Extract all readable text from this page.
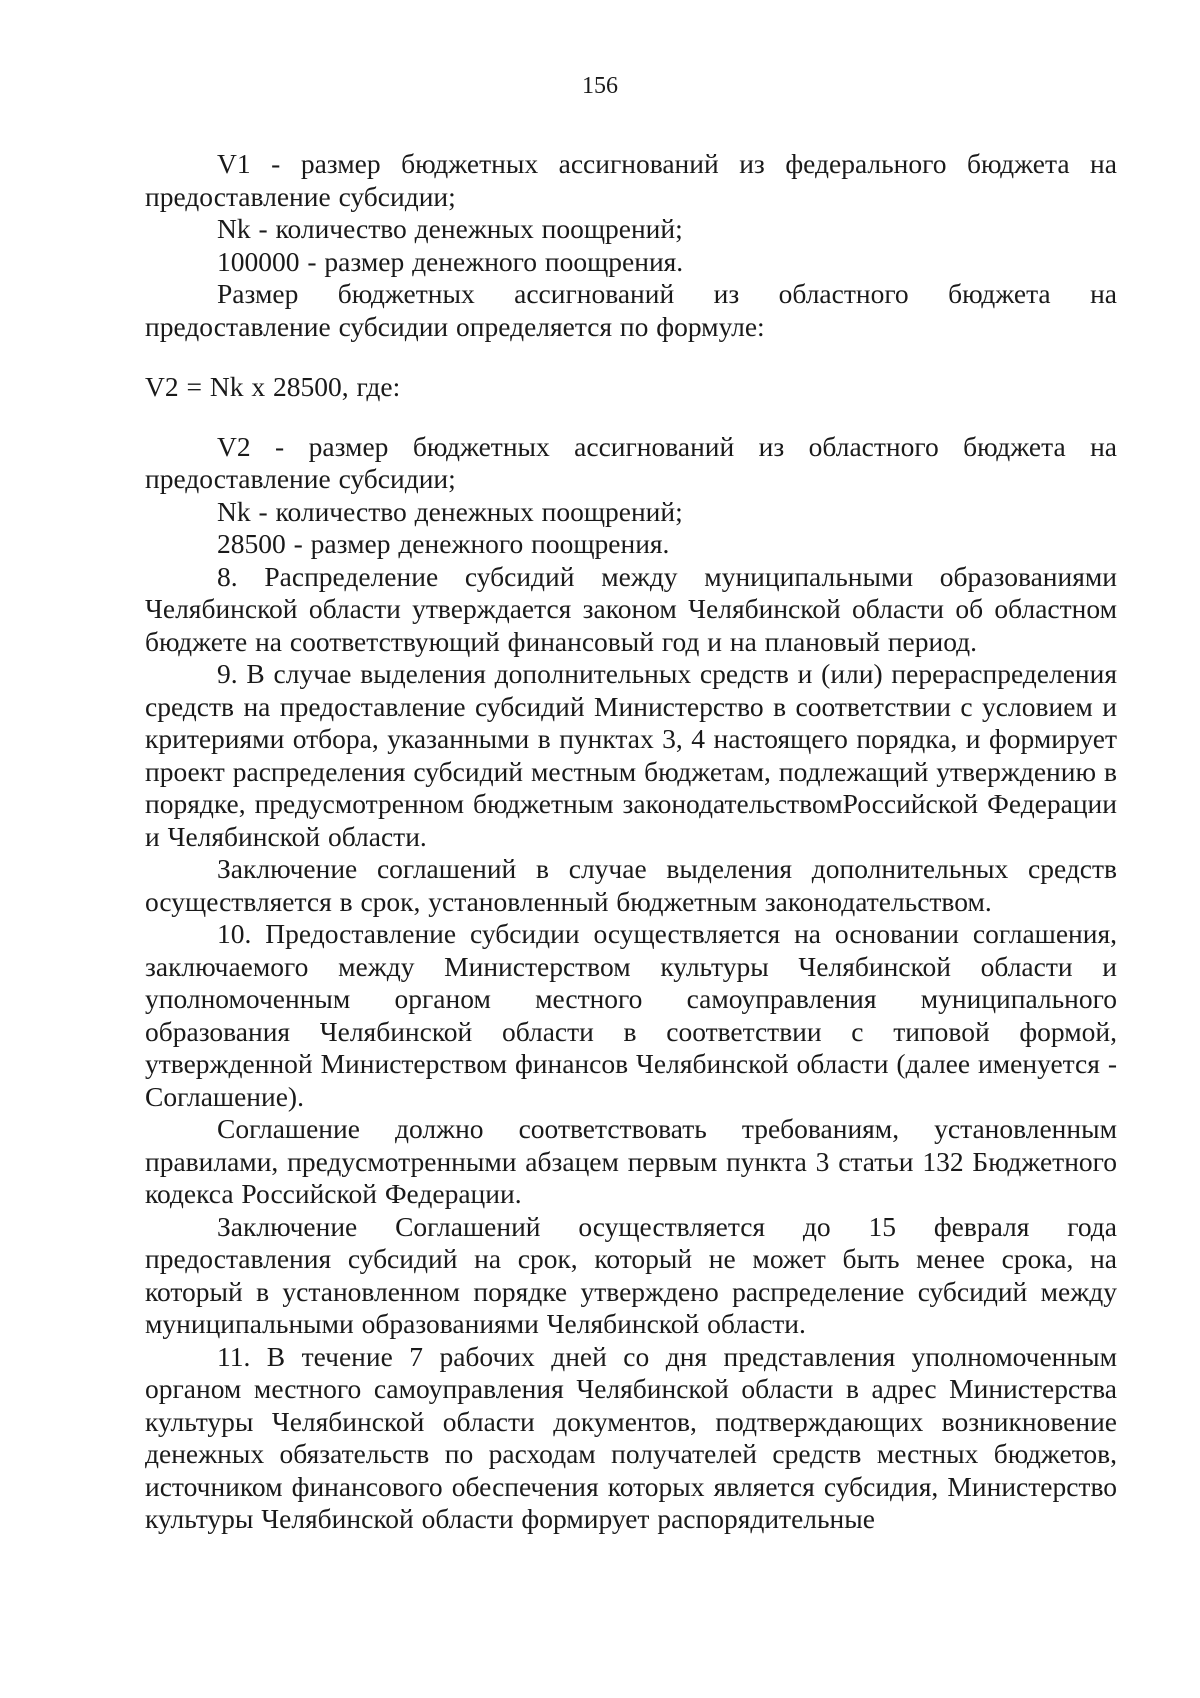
156

V1 - размер бюджетных ассигнований из федерального бюджета на предоставление субсидии;

Nk - количество денежных поощрений;

100000 - размер денежного поощрения.

Размер бюджетных ассигнований из областного бюджета на предоставление субсидии определяется по формуле:

V2 = Nk x 28500, где:

V2 - размер бюджетных ассигнований из областного бюджета на предоставление субсидии;

Nk - количество денежных поощрений;

28500 - размер денежного поощрения.

8. Распределение субсидий между муниципальными образованиями Челябинской области утверждается законом Челябинской области об областном бюджете на соответствующий финансовый год и на плановый период.

9. В случае выделения дополнительных средств и (или) перераспределения средств на предоставление субсидий Министерство в соответствии с условием и критериями отбора, указанными в пунктах 3, 4 настоящего порядка, и формирует проект распределения субсидий местным бюджетам, подлежащий утверждению в порядке, предусмотренном бюджетным законодательствомРоссийской Федерации и Челябинской области.

Заключение соглашений в случае выделения дополнительных средств осуществляется в срок, установленный бюджетным законодательством.

10. Предоставление субсидии осуществляется на основании соглашения, заключаемого между Министерством культуры Челябинской области и уполномоченным органом местного самоуправления муниципального образования Челябинской области в соответствии с типовой формой, утвержденной Министерством финансов Челябинской области (далее именуется - Соглашение).

Соглашение должно соответствовать требованиям, установленным правилами, предусмотренными абзацем первым пункта 3 статьи 132 Бюджетного кодекса Российской Федерации.

Заключение Соглашений осуществляется до 15 февраля года предоставления субсидий на срок, который не может быть менее срока, на который в установленном порядке утверждено распределение субсидий между муниципальными образованиями Челябинской области.

11. В течение 7 рабочих дней со дня представления уполномоченным органом местного самоуправления Челябинской области в адрес Министерства культуры Челябинской области документов, подтверждающих возникновение денежных обязательств по расходам получателей средств местных бюджетов, источником финансового обеспечения которых является субсидия, Министерство культуры Челябинской области формирует распорядительные
